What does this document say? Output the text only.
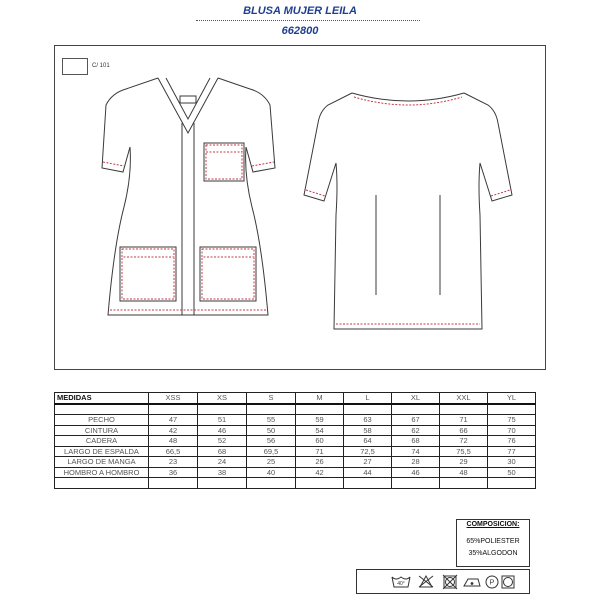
BLUSA MUJER LEILA
662800
C/ 101
MEDIDAS	XSS	XS	S	M	L	XL	XXL	YL

PECHO	47	51	55	59	63	67	71	75
CINTURA	42	46	50	54	58	62	66	70
CADERA	48	52	56	60	64	68	72	76
LARGO DE ESPALDA	66,5	68	69,5	71	72,5	74	75,5	77
LARGO DE MANGA	23	24	25	26	27	28	29	30
HOMBRO A HOMBRO	36	38	40	42	44	46	48	50

COMPOSICION:
65%POLIESTER
35%ALGODON
40°	P
